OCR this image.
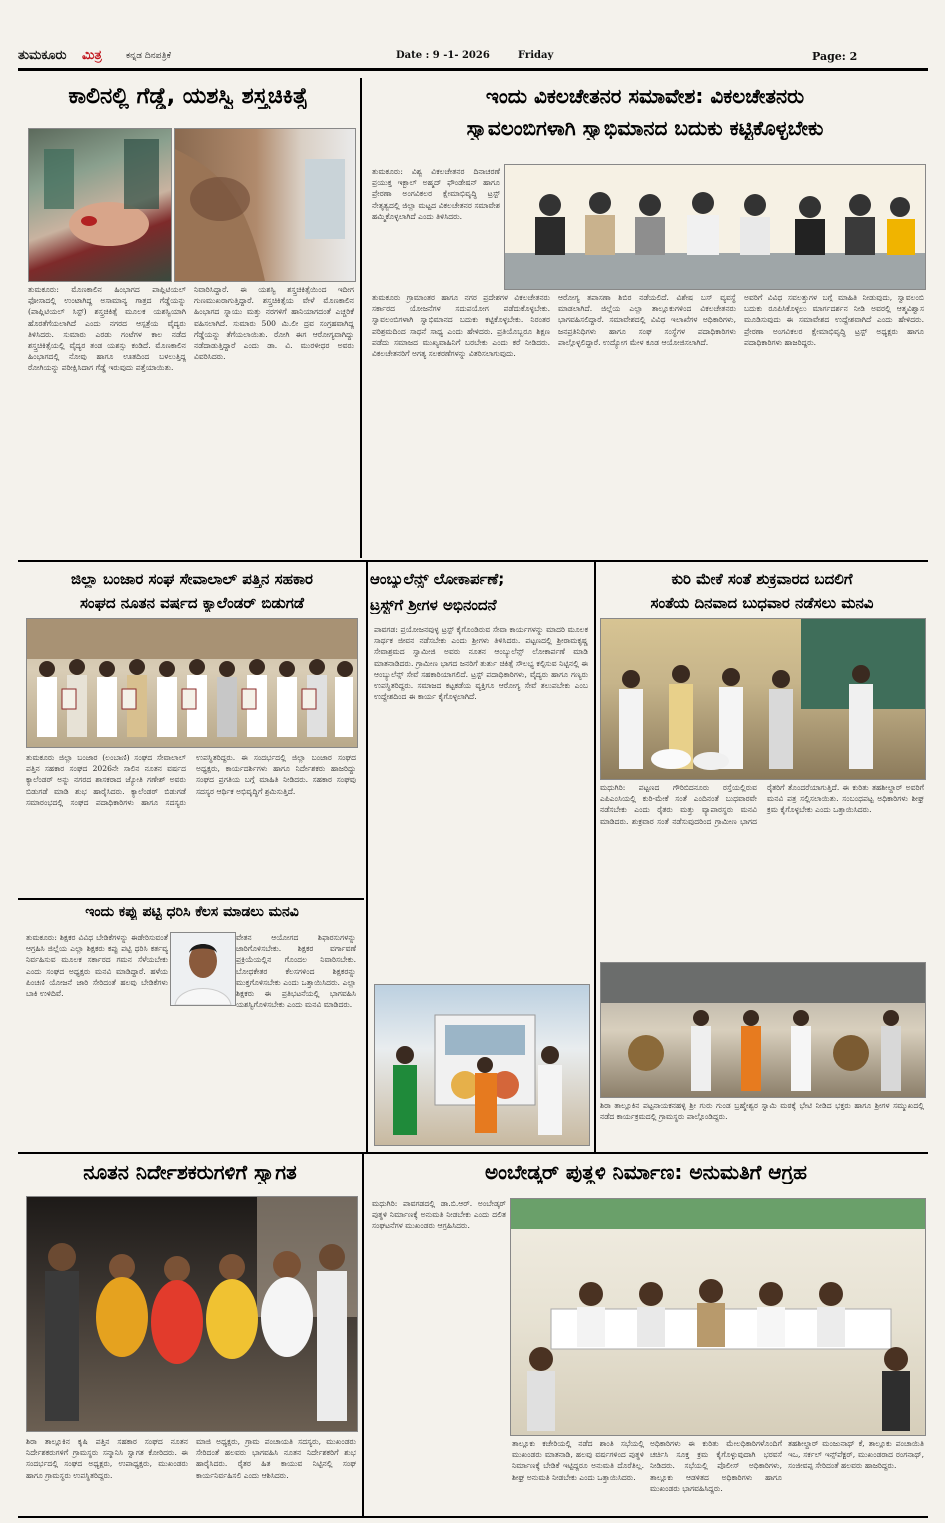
ತುಮಕೂರು ಮಿತ್ರ	ಕನ್ನಡ ದಿನಪತ್ರಿಕೆ	Date : 9 -1- 2026	Friday	Page: 2
ಕಾಲಿನಲ್ಲಿ ಗೆಡ್ಡೆ, ಯಶಸ್ವಿ ಶಸ್ತ್ರಚಿಕಿತ್ಸೆ
ತುಮಕೂರು: ಮೊಣಕಾಲಿನ ಹಿಂಭಾಗದ ಪಾಪ್ಲಿಟಿಯಲ್ ಫೋಸಾದಲ್ಲಿ ಉಂಟಾಗಿದ್ದ ಅಸಾಮಾನ್ಯ ಗಾತ್ರದ ಗೆಡ್ಡೆಯನ್ನು (ಪಾಪ್ಲಿಟಿಯಲ್ ಸಿಸ್ಟ್) ಶಸ್ತ್ರಚಿಕಿತ್ಸೆ ಮೂಲಕ ಯಶಸ್ವಿಯಾಗಿ ಹೊರತೆಗೆಯಲಾಗಿದೆ ಎಂದು ನಗರದ ಆಸ್ಪತ್ರೆಯ ವೈದ್ಯರು ತಿಳಿಸಿದರು. ಸುಮಾರು ಎರಡು ಗಂಟೆಗಳ ಕಾಲ ನಡೆದ ಶಸ್ತ್ರಚಿಕಿತ್ಸೆಯಲ್ಲಿ ವೈದ್ಯರ ತಂಡ ಯಶಸ್ಸು ಕಂಡಿದೆ. ಮೊಣಕಾಲಿನ ಹಿಂಭಾಗದಲ್ಲಿ ನೋವು ಹಾಗೂ ಊತದಿಂದ ಬಳಲುತ್ತಿದ್ದ ರೋಗಿಯನ್ನು ಪರೀಕ್ಷಿಸಿದಾಗ ಗೆಡ್ಡೆ ಇರುವುದು ಪತ್ತೆಯಾಯಿತು.
ನಿವಾರಿಸಿದ್ದಾರೆ. ಈ ಯಶಸ್ವಿ ಶಸ್ತ್ರಚಿಕಿತ್ಸೆಯಿಂದ ಇದೀಗ ಗುಣಮುಖರಾಗುತ್ತಿದ್ದಾರೆ. ಶಸ್ತ್ರಚಿಕಿತ್ಸೆಯ ವೇಳೆ ಮೊಣಕಾಲಿನ ಹಿಂಭಾಗದ ಸ್ನಾಯು ಮತ್ತು ನರಗಳಿಗೆ ಹಾನಿಯಾಗದಂತೆ ಎಚ್ಚರಿಕೆ ವಹಿಸಲಾಗಿದೆ. ಸುಮಾರು 500 ಮಿ.ಲೀ ದ್ರವ ಸಂಗ್ರಹವಾಗಿದ್ದ ಗೆಡ್ಡೆಯನ್ನು ತೆಗೆಯಲಾಯಿತು. ರೋಗಿ ಈಗ ಆರೋಗ್ಯವಾಗಿದ್ದು ನಡೆದಾಡುತ್ತಿದ್ದಾರೆ ಎಂದು ಡಾ. ವಿ. ಮುರಳೀಧರ ಅವರು ವಿವರಿಸಿದರು.
ಇಂದು ವಿಕಲಚೇತನರ ಸಮಾವೇಶ: ವಿಕಲಚೇತನರು
ಸ್ವಾವಲಂಬಿಗಳಾಗಿ ಸ್ವಾಭಿಮಾನದ ಬದುಕು ಕಟ್ಟಿಕೊಳ್ಳಬೇಕು
ತುಮಕೂರು: ವಿಶ್ವ ವಿಕಲಚೇತನರ ದಿನಾಚರಣೆ ಪ್ರಯುಕ್ತ ಇಕ್ಬಾಲ್ ಅಹ್ಮದ್ ಫೌಂಡೇಷನ್ ಹಾಗೂ ಪ್ರೇರಣಾ ಅಂಗವಿಕಲರ ಕ್ಷೇಮಾಭಿವೃದ್ಧಿ ಟ್ರಸ್ಟ್ ನೇತೃತ್ವದಲ್ಲಿ ಜಿಲ್ಲಾ ಮಟ್ಟದ ವಿಕಲಚೇತನರ ಸಮಾವೇಶ ಹಮ್ಮಿಕೊಳ್ಳಲಾಗಿದೆ ಎಂದು ತಿಳಿಸಿದರು.
ತುಮಕೂರು ಗ್ರಾಮಾಂತರ ಹಾಗೂ ನಗರ ಪ್ರದೇಶಗಳ ವಿಕಲಚೇತನರು ಸರ್ಕಾರದ ಯೋಜನೆಗಳ ಸದುಪಯೋಗ ಪಡೆದುಕೊಳ್ಳಬೇಕು. ಸ್ವಾವಲಂಬಿಗಳಾಗಿ ಸ್ವಾಭಿಮಾನದ ಬದುಕು ಕಟ್ಟಿಕೊಳ್ಳಬೇಕು. ನಿರಂತರ ಪರಿಶ್ರಮದಿಂದ ಸಾಧನೆ ಸಾಧ್ಯ ಎಂದು ಹೇಳಿದರು. ಪ್ರತಿಯೊಬ್ಬರೂ ಶಿಕ್ಷಣ ಪಡೆದು ಸಮಾಜದ ಮುಖ್ಯವಾಹಿನಿಗೆ ಬರಬೇಕು ಎಂದು ಕರೆ ನೀಡಿದರು. ವಿಕಲಚೇತನರಿಗೆ ಅಗತ್ಯ ಸಲಕರಣೆಗಳನ್ನು ವಿತರಿಸಲಾಗುವುದು.
ಆರೋಗ್ಯ ತಪಾಸಣಾ ಶಿಬಿರ ನಡೆಯಲಿದೆ. ವಿಶೇಷ ಬಸ್ ವ್ಯವಸ್ಥೆ ಮಾಡಲಾಗಿದೆ. ಜಿಲ್ಲೆಯ ಎಲ್ಲಾ ತಾಲ್ಲೂಕುಗಳಿಂದ ವಿಕಲಚೇತನರು ಭಾಗವಹಿಸಲಿದ್ದಾರೆ. ಸಮಾವೇಶದಲ್ಲಿ ವಿವಿಧ ಇಲಾಖೆಗಳ ಅಧಿಕಾರಿಗಳು, ಜನಪ್ರತಿನಿಧಿಗಳು ಹಾಗೂ ಸಂಘ ಸಂಸ್ಥೆಗಳ ಪದಾಧಿಕಾರಿಗಳು ಪಾಲ್ಗೊಳ್ಳಲಿದ್ದಾರೆ. ಉದ್ಯೋಗ ಮೇಳ ಕೂಡ ಆಯೋಜಿಸಲಾಗಿದೆ.
ಅವರಿಗೆ ವಿವಿಧ ಸವಲತ್ತುಗಳ ಬಗ್ಗೆ ಮಾಹಿತಿ ನೀಡುವುದು, ಸ್ವಾವಲಂಬಿ ಬದುಕು ರೂಪಿಸಿಕೊಳ್ಳಲು ಮಾರ್ಗದರ್ಶನ ನೀಡಿ ಅವರಲ್ಲಿ ಆತ್ಮವಿಶ್ವಾಸ ಮೂಡಿಸುವುದು ಈ ಸಮಾವೇಶದ ಉದ್ದೇಶವಾಗಿದೆ ಎಂದು ಹೇಳಿದರು. ಪ್ರೇರಣಾ ಅಂಗವಿಕಲರ ಕ್ಷೇಮಾಭಿವೃದ್ಧಿ ಟ್ರಸ್ಟ್ ಅಧ್ಯಕ್ಷರು ಹಾಗೂ ಪದಾಧಿಕಾರಿಗಳು ಹಾಜರಿದ್ದರು.
ಜಿಲ್ಲಾ ಬಂಜಾರ ಸಂಘ ಸೇವಾಲಾಲ್ ಪತ್ತಿನ ಸಹಕಾರ
ಸಂಘದ ನೂತನ ವರ್ಷದ ಕ್ಯಾಲೆಂಡರ್ ಬಿಡುಗಡೆ
ತುಮಕೂರು ಜಿಲ್ಲಾ ಬಂಜಾರ (ಲಂಬಾಣಿ) ಸಂಘದ ಸೇವಾಲಾಲ್ ಪತ್ತಿನ ಸಹಕಾರ ಸಂಘದ 2026ನೇ ಸಾಲಿನ ನೂತನ ವರ್ಷದ ಕ್ಯಾಲೆಂಡರ್ ಅನ್ನು ನಗರದ ಶಾಸಕರಾದ ಜ್ಯೋತಿ ಗಣೇಶ್ ಅವರು ಬಿಡುಗಡೆ ಮಾಡಿ ಶುಭ ಹಾರೈಸಿದರು. ಕ್ಯಾಲೆಂಡರ್ ಬಿಡುಗಡೆ ಸಮಾರಂಭದಲ್ಲಿ ಸಂಘದ ಪದಾಧಿಕಾರಿಗಳು ಹಾಗೂ ಸದಸ್ಯರು ಉಪಸ್ಥಿತರಿದ್ದರು. ಈ ಸಂದರ್ಭದಲ್ಲಿ ಜಿಲ್ಲಾ ಬಂಜಾರ ಸಂಘದ ಅಧ್ಯಕ್ಷರು, ಕಾರ್ಯದರ್ಶಿಗಳು ಹಾಗೂ ನಿರ್ದೇಶಕರು ಹಾಜರಿದ್ದು ಸಂಘದ ಪ್ರಗತಿಯ ಬಗ್ಗೆ ಮಾಹಿತಿ ನೀಡಿದರು. ಸಹಕಾರ ಸಂಘವು ಸದಸ್ಯರ ಆರ್ಥಿಕ ಅಭಿವೃದ್ಧಿಗೆ ಶ್ರಮಿಸುತ್ತಿದೆ.
ಇಂದು ಕಪ್ಪು ಪಟ್ಟಿ ಧರಿಸಿ ಕೆಲಸ ಮಾಡಲು ಮನವಿ
ತುಮಕೂರು: ಶಿಕ್ಷಕರ ವಿವಿಧ ಬೇಡಿಕೆಗಳನ್ನು ಈಡೇರಿಸುವಂತೆ ಆಗ್ರಹಿಸಿ ಜಿಲ್ಲೆಯ ಎಲ್ಲಾ ಶಿಕ್ಷಕರು ಕಪ್ಪು ಪಟ್ಟಿ ಧರಿಸಿ ಕರ್ತವ್ಯ ನಿರ್ವಹಿಸುವ ಮೂಲಕ ಸರ್ಕಾರದ ಗಮನ ಸೆಳೆಯಬೇಕು ಎಂದು ಸಂಘದ ಅಧ್ಯಕ್ಷರು ಮನವಿ ಮಾಡಿದ್ದಾರೆ. ಹಳೆಯ ಪಿಂಚಣಿ ಯೋಜನೆ ಜಾರಿ ಸೇರಿದಂತೆ ಹಲವು ಬೇಡಿಕೆಗಳು ಬಾಕಿ ಉಳಿದಿವೆ.
ವೇತನ ಆಯೋಗದ ಶಿಫಾರಸುಗಳನ್ನು ಜಾರಿಗೊಳಿಸಬೇಕು. ಶಿಕ್ಷಕರ ವರ್ಗಾವಣೆ ಪ್ರಕ್ರಿಯೆಯಲ್ಲಿನ ಗೊಂದಲ ನಿವಾರಿಸಬೇಕು. ಬೋಧಕೇತರ ಕೆಲಸಗಳಿಂದ ಶಿಕ್ಷಕರನ್ನು ಮುಕ್ತಗೊಳಿಸಬೇಕು ಎಂದು ಒತ್ತಾಯಿಸಿದರು. ಎಲ್ಲಾ ಶಿಕ್ಷಕರು ಈ ಪ್ರತಿಭಟನೆಯಲ್ಲಿ ಭಾಗವಹಿಸಿ ಯಶಸ್ವಿಗೊಳಿಸಬೇಕು ಎಂದು ಮನವಿ ಮಾಡಿದರು.
ಆಂಬ್ಯುಲೆನ್ಸ್ ಲೋಕಾರ್ಪಣೆ;
ಟ್ರಸ್ಟ್‌ಗೆ ಶ್ರೀಗಳ ಅಭಿನಂದನೆ
ಪಾವಗಡ: ಪ್ರಯೋಜನವುಳ್ಳ ಟ್ರಸ್ಟ್ ಕೈಗೊಂಡಿರುವ ಸೇವಾ ಕಾರ್ಯಗಳನ್ನು ಮಾದರಿ ಮೂಲಕ ಸಾರ್ಥಕ ಜೀವನ ನಡೆಸಬೇಕು ಎಂದು ಶ್ರೀಗಳು ತಿಳಿಸಿದರು. ಪಟ್ಟಣದಲ್ಲಿ ಶ್ರೀರಾಮಕೃಷ್ಣ ಸೇವಾಶ್ರಮದ ಸ್ವಾಮೀಜಿ ಅವರು ನೂತನ ಆಂಬ್ಯುಲೆನ್ಸ್ ಲೋಕಾರ್ಪಣೆ ಮಾಡಿ ಮಾತನಾಡಿದರು. ಗ್ರಾಮೀಣ ಭಾಗದ ಜನರಿಗೆ ತುರ್ತು ಚಿಕಿತ್ಸೆ ಸೌಲಭ್ಯ ಕಲ್ಪಿಸುವ ನಿಟ್ಟಿನಲ್ಲಿ ಈ ಆಂಬ್ಯುಲೆನ್ಸ್ ಸೇವೆ ಸಹಕಾರಿಯಾಗಲಿದೆ. ಟ್ರಸ್ಟ್ ಪದಾಧಿಕಾರಿಗಳು, ವೈದ್ಯರು ಹಾಗೂ ಗಣ್ಯರು ಉಪಸ್ಥಿತರಿದ್ದರು. ಸಮಾಜದ ಕಟ್ಟಕಡೆಯ ವ್ಯಕ್ತಿಗೂ ಆರೋಗ್ಯ ಸೇವೆ ತಲುಪಬೇಕು ಎಂಬ ಉದ್ದೇಶದಿಂದ ಈ ಕಾರ್ಯ ಕೈಗೊಳ್ಳಲಾಗಿದೆ.
ಕುರಿ ಮೇಕೆ ಸಂತೆ ಶುಕ್ರವಾರದ ಬದಲಿಗೆ
ಸಂತೆಯ ದಿನವಾದ ಬುಧವಾರ ನಡೆಸಲು ಮನವಿ
ಮಧುಗಿರಿ: ಪಟ್ಟಣದ ಗೌರಿಬಿದನೂರು ರಸ್ತೆಯಲ್ಲಿರುವ ಎಪಿಎಂಸಿಯಲ್ಲಿ ಕುರಿ-ಮೇಕೆ ಸಂತೆ ಎಂದಿನಂತೆ ಬುಧವಾರವೇ ನಡೆಸಬೇಕು ಎಂದು ರೈತರು ಮತ್ತು ವ್ಯಾಪಾರಸ್ಥರು ಮನವಿ ಮಾಡಿದರು. ಶುಕ್ರವಾರ ಸಂತೆ ನಡೆಸುವುದರಿಂದ ಗ್ರಾಮೀಣ ಭಾಗದ ರೈತರಿಗೆ ತೊಂದರೆಯಾಗುತ್ತಿದೆ. ಈ ಕುರಿತು ತಹಶೀಲ್ದಾರ್ ಅವರಿಗೆ ಮನವಿ ಪತ್ರ ಸಲ್ಲಿಸಲಾಯಿತು. ಸಂಬಂಧಪಟ್ಟ ಅಧಿಕಾರಿಗಳು ಶೀಘ್ರ ಕ್ರಮ ಕೈಗೊಳ್ಳಬೇಕು ಎಂದು ಒತ್ತಾಯಿಸಿದರು.
ಶಿರಾ ತಾಲ್ಲೂಕಿನ ಪಟ್ಟನಾಯಕನಹಳ್ಳಿ ಶ್ರೀ ಗುರು ಗುಂಡ ಬ್ರಹ್ಮೇಶ್ವರ ಸ್ವಾಮಿ ಮಠಕ್ಕೆ ಭೇಟಿ ನೀಡಿದ ಭಕ್ತರು ಹಾಗೂ ಶ್ರೀಗಳ ಸಮ್ಮುಖದಲ್ಲಿ ನಡೆದ ಕಾರ್ಯಕ್ರಮದಲ್ಲಿ ಗ್ರಾಮಸ್ಥರು ಪಾಲ್ಗೊಂಡಿದ್ದರು.
ನೂತನ ನಿರ್ದೇಶಕರುಗಳಿಗೆ ಸ್ವಾಗತ
ಶಿರಾ ತಾಲ್ಲೂಕಿನ ಕೃಷಿ ಪತ್ತಿನ ಸಹಕಾರ ಸಂಘದ ನೂತನ ನಿರ್ದೇಶಕರುಗಳಿಗೆ ಗ್ರಾಮಸ್ಥರು ಸನ್ಮಾನಿಸಿ ಸ್ವಾಗತ ಕೋರಿದರು. ಈ ಸಂದರ್ಭದಲ್ಲಿ ಸಂಘದ ಅಧ್ಯಕ್ಷರು, ಉಪಾಧ್ಯಕ್ಷರು, ಮುಖಂಡರು ಹಾಗೂ ಗ್ರಾಮಸ್ಥರು ಉಪಸ್ಥಿತರಿದ್ದರು.
ಮಾಜಿ ಅಧ್ಯಕ್ಷರು, ಗ್ರಾಮ ಪಂಚಾಯತಿ ಸದಸ್ಯರು, ಮುಖಂಡರು ಸೇರಿದಂತೆ ಹಲವರು ಭಾಗವಹಿಸಿ ನೂತನ ನಿರ್ದೇಶಕರಿಗೆ ಶುಭ ಹಾರೈಸಿದರು. ರೈತರ ಹಿತ ಕಾಯುವ ನಿಟ್ಟಿನಲ್ಲಿ ಸಂಘ ಕಾರ್ಯನಿರ್ವಹಿಸಲಿ ಎಂದು ಆಶಿಸಿದರು.
ಅಂಬೇಡ್ಕರ್ ಪುತ್ಥಳಿ ನಿರ್ಮಾಣ: ಅನುಮತಿಗೆ ಆಗ್ರಹ
ಮಧುಗಿರಿ: ಪಾವಗಡದಲ್ಲಿ ಡಾ.ಬಿ.ಆರ್. ಅಂಬೇಡ್ಕರ್ ಪುತ್ಥಳಿ ನಿರ್ಮಾಣಕ್ಕೆ ಅನುಮತಿ ನೀಡಬೇಕು ಎಂದು ದಲಿತ ಸಂಘಟನೆಗಳ ಮುಖಂಡರು ಆಗ್ರಹಿಸಿದರು.
ತಾಲ್ಲೂಕು ಕಚೇರಿಯಲ್ಲಿ ನಡೆದ ಶಾಂತಿ ಸಭೆಯಲ್ಲಿ ಮುಖಂಡರು ಮಾತನಾಡಿ, ಹಲವು ವರ್ಷಗಳಿಂದ ಪುತ್ಥಳಿ ನಿರ್ಮಾಣಕ್ಕೆ ಬೇಡಿಕೆ ಇಟ್ಟಿದ್ದರೂ ಅನುಮತಿ ದೊರೆತಿಲ್ಲ. ಶೀಘ್ರ ಅನುಮತಿ ನೀಡಬೇಕು ಎಂದು ಒತ್ತಾಯಿಸಿದರು.
ಅಧಿಕಾರಿಗಳು ಈ ಕುರಿತು ಮೇಲಧಿಕಾರಿಗಳೊಂದಿಗೆ ಚರ್ಚಿಸಿ ಸೂಕ್ತ ಕ್ರಮ ಕೈಗೊಳ್ಳುವುದಾಗಿ ಭರವಸೆ ನೀಡಿದರು. ಸಭೆಯಲ್ಲಿ ಪೊಲೀಸ್ ಅಧಿಕಾರಿಗಳು, ತಾಲ್ಲೂಕು ಆಡಳಿತದ ಅಧಿಕಾರಿಗಳು ಹಾಗೂ ಮುಖಂಡರು ಭಾಗವಹಿಸಿದ್ದರು.
ತಹಶೀಲ್ದಾರ್ ಮಂಜುನಾಥ್ ಕೆ, ತಾಲ್ಲೂಕು ಪಂಚಾಯಿತಿ ಇಒ, ಸರ್ಕಲ್ ಇನ್ಸ್‌ಪೆಕ್ಟರ್, ಮುಖಂಡರಾದ ರಂಗನಾಥ್, ಸಂಜೀವಪ್ಪ ಸೇರಿದಂತೆ ಹಲವರು ಹಾಜರಿದ್ದರು.
